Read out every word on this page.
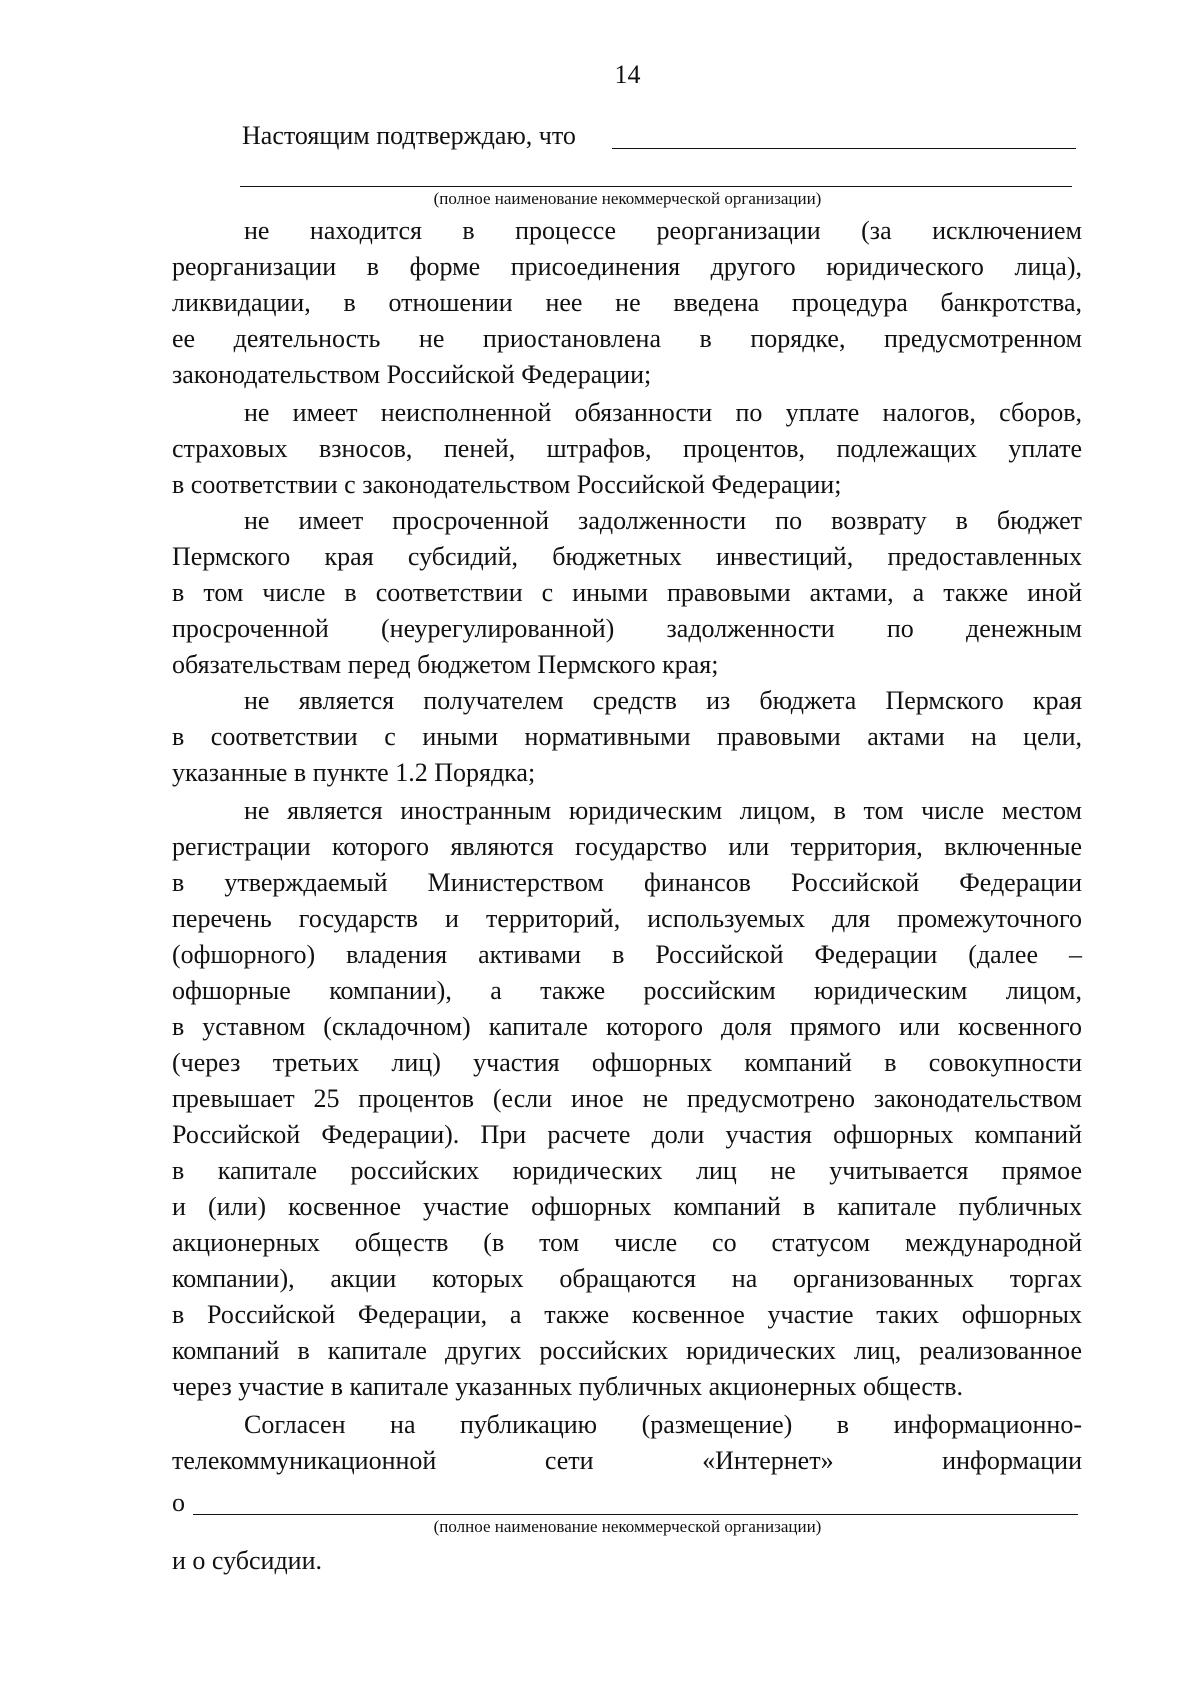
14
Настоящим подтверждаю, что
(полное наименование некоммерческой организации)
не находится в процессе реорганизации (за исключением
реорганизации в форме присоединения другого юридического лица),
ликвидации, в отношении нее не введена процедура банкротства,
ее деятельность не приостановлена в порядке, предусмотренном
законодательством Российской Федерации;
не имеет неисполненной обязанности по уплате налогов, сборов,
страховых взносов, пеней, штрафов, процентов, подлежащих уплате
в соответствии с законодательством Российской Федерации;
не имеет просроченной задолженности по возврату в бюджет
Пермского края субсидий, бюджетных инвестиций, предоставленных
в том числе в соответствии с иными правовыми актами, а также иной
просроченной (неурегулированной) задолженности по денежным
обязательствам перед бюджетом Пермского края;
не является получателем средств из бюджета Пермского края
в соответствии с иными нормативными правовыми актами на цели,
указанные в пункте 1.2 Порядка;
не является иностранным юридическим лицом, в том числе местом
регистрации которого являются государство или территория, включенные
в утверждаемый Министерством финансов Российской Федерации
перечень государств и территорий, используемых для промежуточного
(офшорного) владения активами в Российской Федерации (далее –
офшорные компании), а также российским юридическим лицом,
в уставном (складочном) капитале которого доля прямого или косвенного
(через третьих лиц) участия офшорных компаний в совокупности
превышает 25 процентов (если иное не предусмотрено законодательством
Российской Федерации). При расчете доли участия офшорных компаний
в капитале российских юридических лиц не учитывается прямое
и (или) косвенное участие офшорных компаний в капитале публичных
акционерных обществ (в том числе со статусом международной
компании), акции которых обращаются на организованных торгах
в Российской Федерации, а также косвенное участие таких офшорных
компаний в капитале других российских юридических лиц, реализованное
через участие в капитале указанных публичных акционерных обществ.
Согласен на публикацию (размещение) в информационно-
телекоммуникационной сети «Интернет» информации
о
(полное наименование некоммерческой организации)
и о субсидии.
